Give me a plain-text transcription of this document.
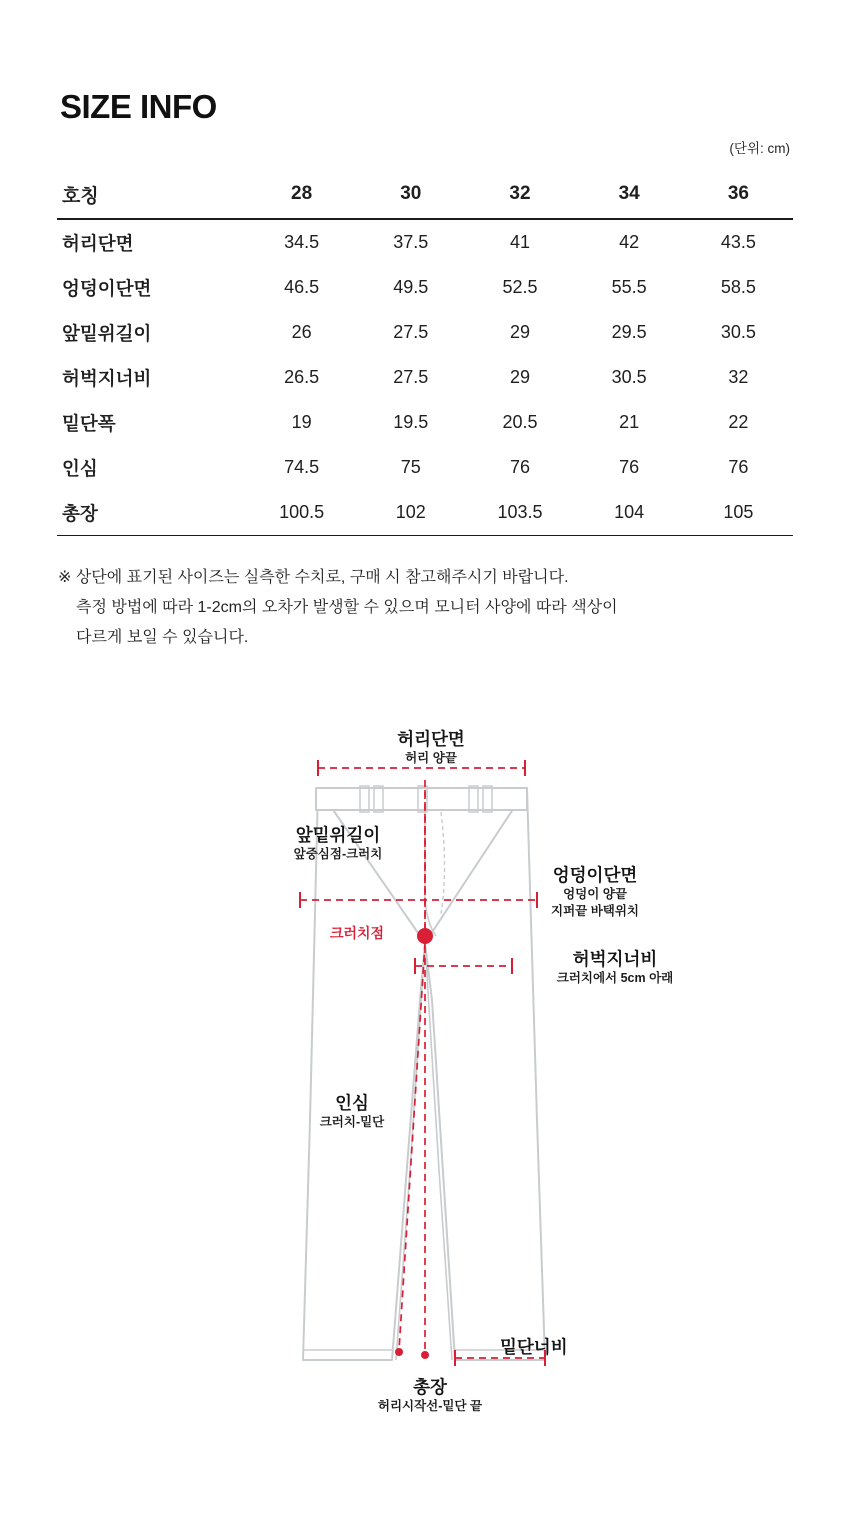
SIZE INFO
(단위: cm)
호칭	28	30	32	34	36
허리단면	34.5	37.5	41	42	43.5
엉덩이단면	46.5	49.5	52.5	55.5	58.5
앞밑위길이	26	27.5	29	29.5	30.5
허벅지너비	26.5	27.5	29	30.5	32
밑단폭	19	19.5	20.5	21	22
인심	74.5	75	76	76	76
총장	100.5	102	103.5	104	105
※ 상단에 표기된 사이즈는 실측한 수치로, 구매 시 참고해주시기 바랍니다.
측정 방법에 따라 1-2cm의 오차가 발생할 수 있으며 모니터 사양에 따라 색상이
다르게 보일 수 있습니다.
허리단면
허리 양끝
앞밑위길이
앞중심점-크러치
엉덩이단면
엉덩이 양끝
지퍼끝 바택위치
허벅지너비
크러치에서 5cm 아래
크러치점
인심
크러치-밑단
밑단너비
총장
허리시작선-밑단 끝
